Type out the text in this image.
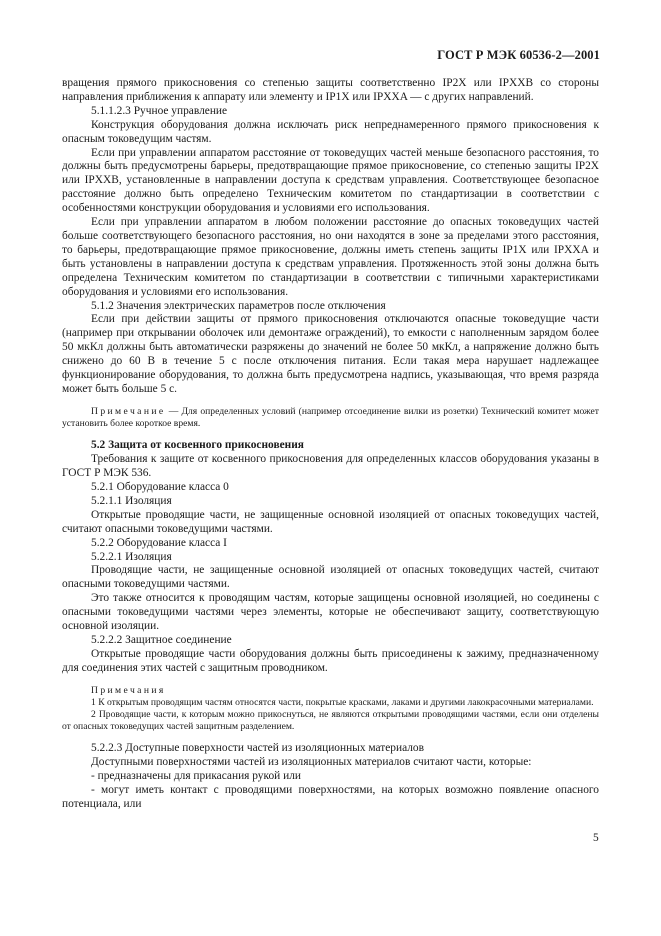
ГОСТ Р МЭК 60536-2—2001

вращения прямого прикосновения со степенью защиты соответственно IP2X или IPXXB со стороны направления приближения к аппарату или элементу и IP1X или IPXXA — с других направлений.

5.1.1.2.3 Ручное управление

Конструкция оборудования должна исключать риск непреднамеренного прямого прикосновения к опасным токоведущим частям.

Если при управлении аппаратом расстояние от токоведущих частей меньше безопасного расстояния, то должны быть предусмотрены барьеры, предотвращающие прямое прикосновение, со степенью защиты IP2X или IPXXB, установленные в направлении доступа к средствам управления. Соответствующее безопасное расстояние должно быть определено Техническим комитетом по стандартизации в соответствии с особенностями конструкции оборудования и условиями его использования.

Если при управлении аппаратом в любом положении расстояние до опасных токоведущих частей больше соответствующего безопасного расстояния, но они находятся в зоне за пределами этого расстояния, то барьеры, предотвращающие прямое прикосновение, должны иметь степень защиты IP1X или IPXXA и быть установлены в направлении доступа к средствам управления. Протяженность этой зоны должна быть определена Техническим комитетом по стандартизации в соответствии с типичными характеристиками оборудования и условиями его использования.

5.1.2 Значения электрических параметров после отключения

Если при действии защиты от прямого прикосновения отключаются опасные токоведущие части (например при открывании оболочек или демонтаже ограждений), то емкости с наполненным зарядом более 50 мкКл должны быть автоматически разряжены до значений не более 50 мкКл, а напряжение должно быть снижено до 60 В в течение 5 с после отключения питания. Если такая мера нарушает надлежащее функционирование оборудования, то должна быть предусмотрена надпись, указывающая, что время разряда может быть больше 5 с.

Примечание — Для определенных условий (например отсоединение вилки из розетки) Технический комитет может установить более короткое время.

5.2 Защита от косвенного прикосновения

Требования к защите от косвенного прикосновения для определенных классов оборудования указаны в ГОСТ Р МЭК 536.

5.2.1 Оборудование класса 0

5.2.1.1 Изоляция

Открытые проводящие части, не защищенные основной изоляцией от опасных токоведущих частей, считают опасными токоведущими частями.

5.2.2 Оборудование класса I

5.2.2.1 Изоляция

Проводящие части, не защищенные основной изоляцией от опасных токоведущих частей, считают опасными токоведущими частями.

Это также относится к проводящим частям, которые защищены основной изоляцией, но соединены с опасными токоведущими частями через элементы, которые не обеспечивают защиту, соответствующую основной изоляции.

5.2.2.2 Защитное соединение

Открытые проводящие части оборудования должны быть присоединены к зажиму, предназначенному для соединения этих частей с защитным проводником.

Примечания

1 К открытым проводящим частям относятся части, покрытые красками, лаками и другими лакокрасочными материалами.

2 Проводящие части, к которым можно прикоснуться, не являются открытыми проводящими частями, если они отделены от опасных токоведущих частей защитным разделением.

5.2.2.3 Доступные поверхности частей из изоляционных материалов

Доступными поверхностями частей из изоляционных материалов считают части, которые:

- предназначены для прикасания рукой или

- могут иметь контакт с проводящими поверхностями, на которых возможно появление опасного потенциала, или

5
